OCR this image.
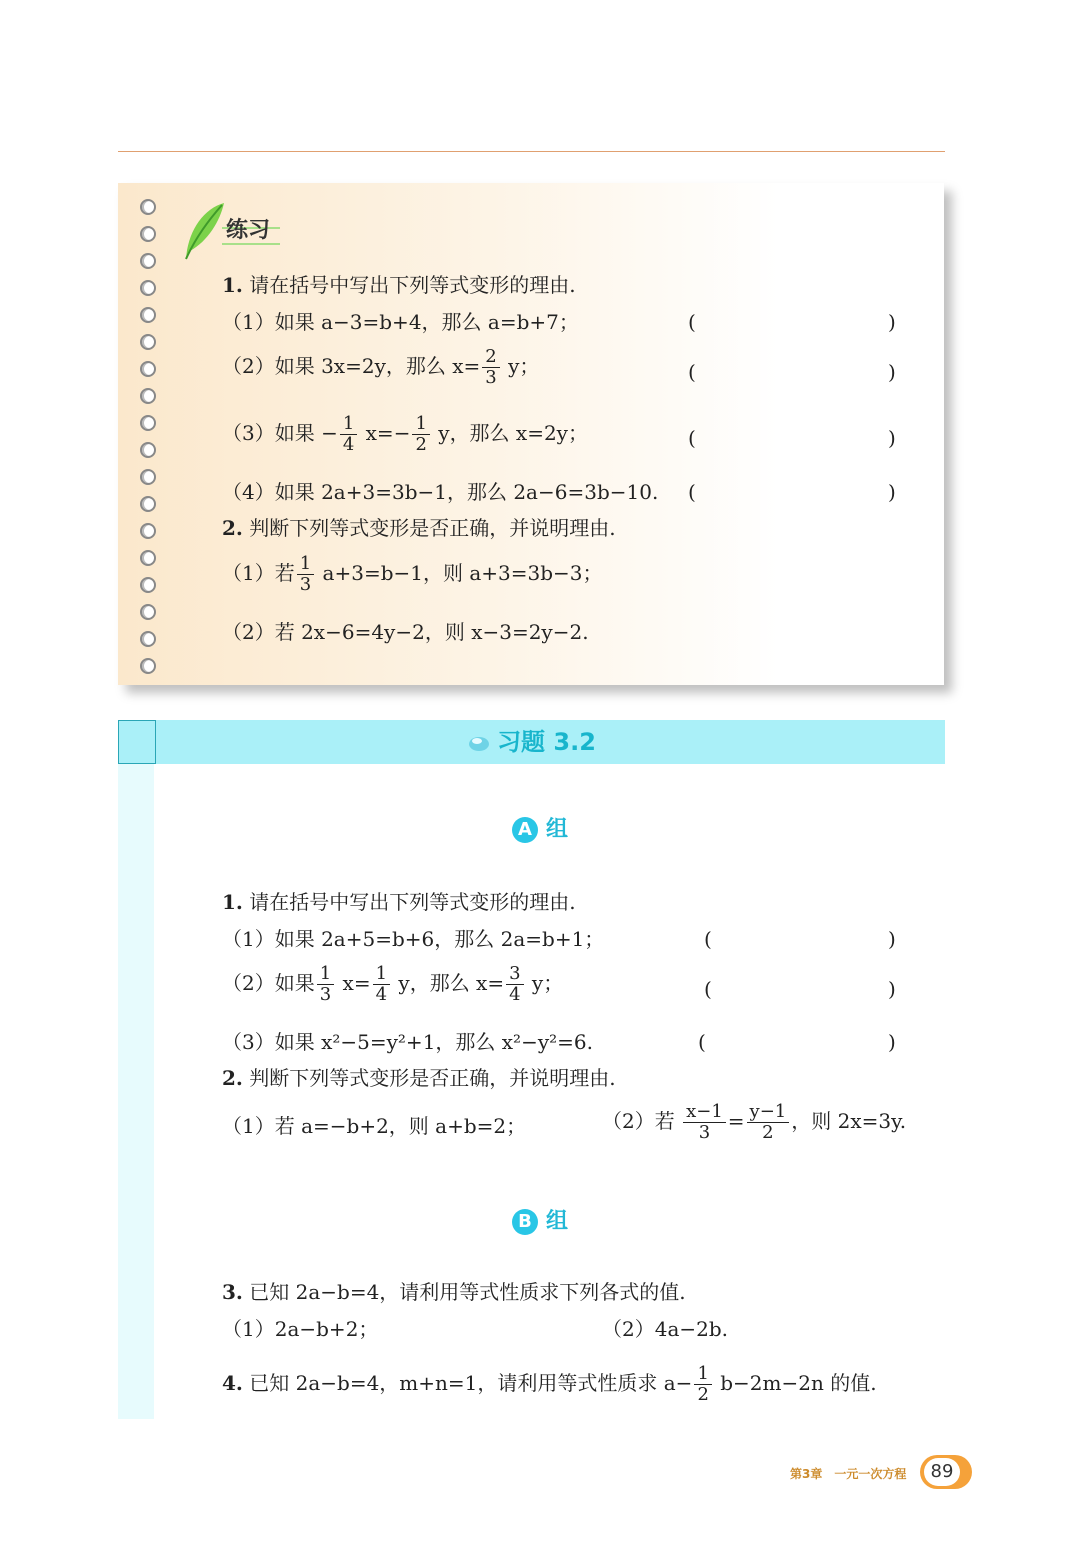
练习
1. 请在括号中写出下列等式变形的理由.
（1）如果 a−3=b+4，那么 a=b+7；	(	)
（2）如果 3x=2y，那么 $x= \frac{2}{3}$ y；	(	)
（3）如果 − $\frac{1}{4} x=- \frac{1}{2}$ y，那么 x=2y；	(	)
（4）如果 2a+3=3b−1，那么 2a−6=3b−10. (	)
2. 判断下列等式变形是否正确，并说明理由.
（1）若 $\frac{1}{3} a+3=b-1$，则 a+3=3b−3；
（2）若 2x−6=4y−2，则 x−3=2y−2.
习题 3.2
A 组
1. 请在括号中写出下列等式变形的理由.
（1）如果 2a+5=b+6，那么 2a=b+1；	(	)
（2）如果 $\frac{1}{3} x= \frac{1}{4}$ y，那么 $x= \frac{3}{4}$ y；	(	)
（3）如果 x²−5=y²+1，那么 x²−y²=6.	(	)
2. 判断下列等式变形是否正确，并说明理由.
（1）若 a=−b+2，则 a+b=2；	（2）若 $\frac{x-1}{3} = \frac{y-1}{2}$ ，则 2x=3y.
B 组
3. 已知 2a−b=4，请利用等式性质求下列各式的值.
（1）2a−b+2；	（2）4a−2b.
4. 已知 2a−b=4，m+n=1，请利用等式性质求 $a- \frac{1}{2} b-2m-2n$ 的值.
第3章　一元一次方程	89
